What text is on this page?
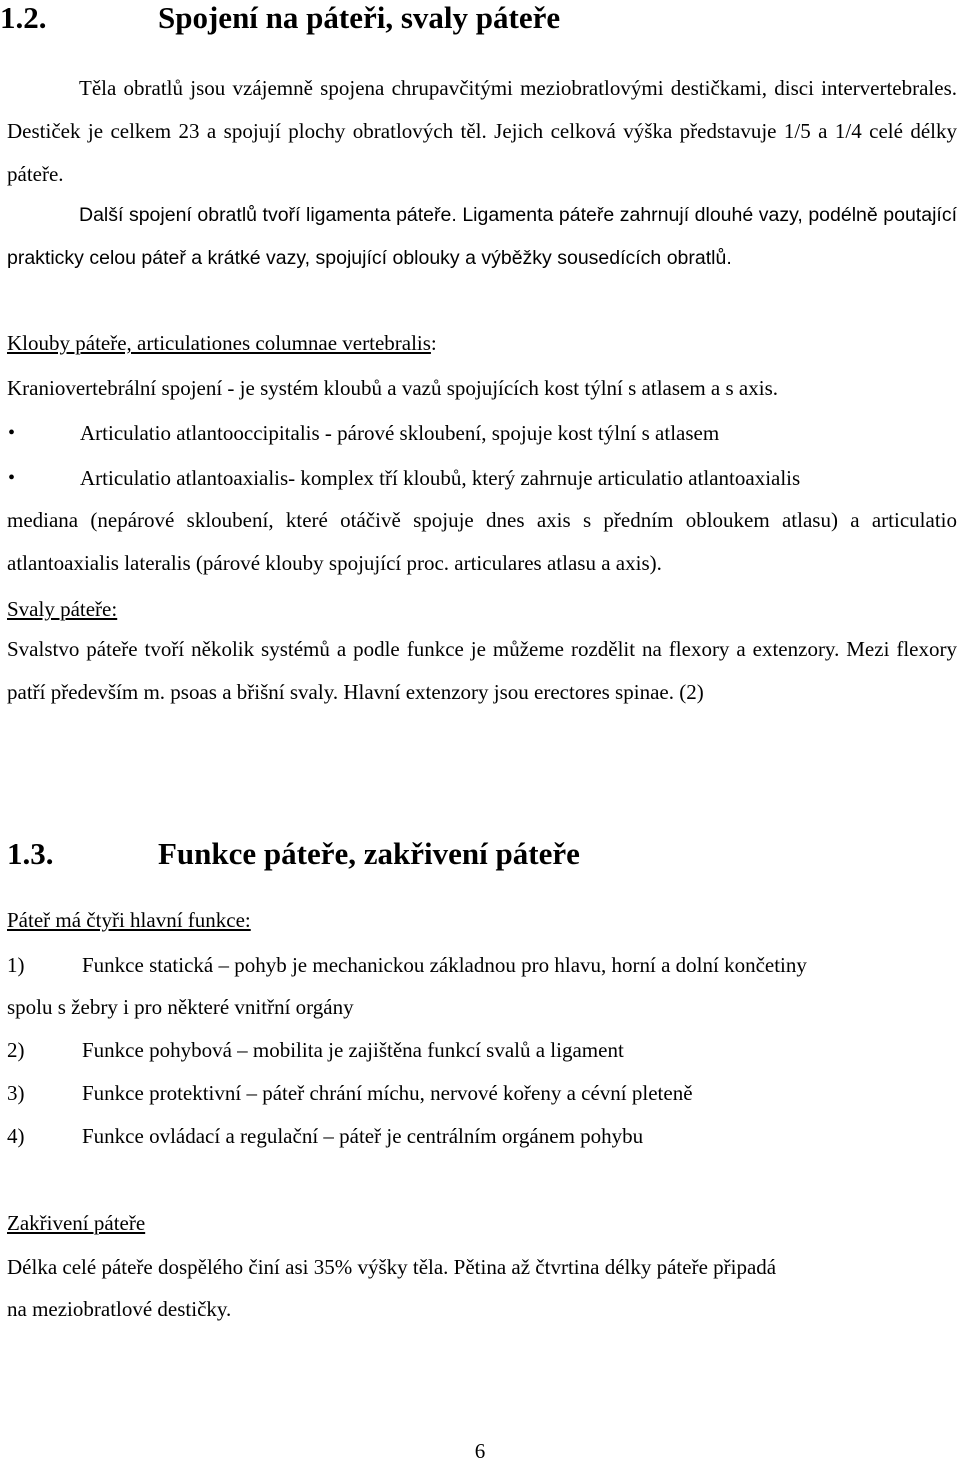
1.2.	Spojení na páteři, svaly páteře

Těla obratlů jsou vzájemně spojena chrupavčitými meziobratlovými destičkami, disci intervertebrales. Destiček je celkem 23 a spojují plochy obratlových těl. Jejich celková výška představuje 1/5 a 1/4 celé délky páteře.

Další spojení obratlů tvoří ligamenta páteře. Ligamenta páteře zahrnují dlouhé vazy, podélně poutající prakticky celou páteř a krátké vazy, spojující oblouky a výběžky sousedících obratlů.

Klouby páteře, articulationes columnae vertebralis:
Kraniovertebrální spojení - je systém kloubů a vazů spojujících kost týlní s atlasem a s axis.
•	Articulatio atlantooccipitalis - párové skloubení, spojuje kost týlní s atlasem
•	Articulatio atlantoaxialis- komplex tří kloubů, který zahrnuje articulatio atlantoaxialis

mediana (nepárové skloubení, které otáčivě spojuje dnes axis s předním obloukem atlasu) a articulatio atlantoaxialis lateralis (párové klouby spojující proc. articulares atlasu a axis).

Svaly páteře:

Svalstvo páteře tvoří několik systémů a podle funkce je můžeme rozdělit na flexory a extenzory. Mezi flexory patří především m. psoas a břišní svaly. Hlavní extenzory jsou erectores spinae. (2)

1.3.	Funkce páteře, zakřivení páteře
Páteř má čtyři hlavní funkce:
1)	Funkce statická – pohyb je mechanickou základnou pro hlavu, horní a dolní končetiny
spolu s žebry i pro některé vnitřní orgány
2)	Funkce pohybová – mobilita je zajištěna funkcí svalů a ligament
3)	Funkce protektivní – páteř chrání míchu, nervové kořeny a cévní pleteně
4)	Funkce ovládací a regulační – páteř je centrálním orgánem pohybu
Zakřivení páteře
Délka celé páteře dospělého činí asi 35% výšky těla. Pětina až čtvrtina délky páteře připadá
na meziobratlové destičky.
6
